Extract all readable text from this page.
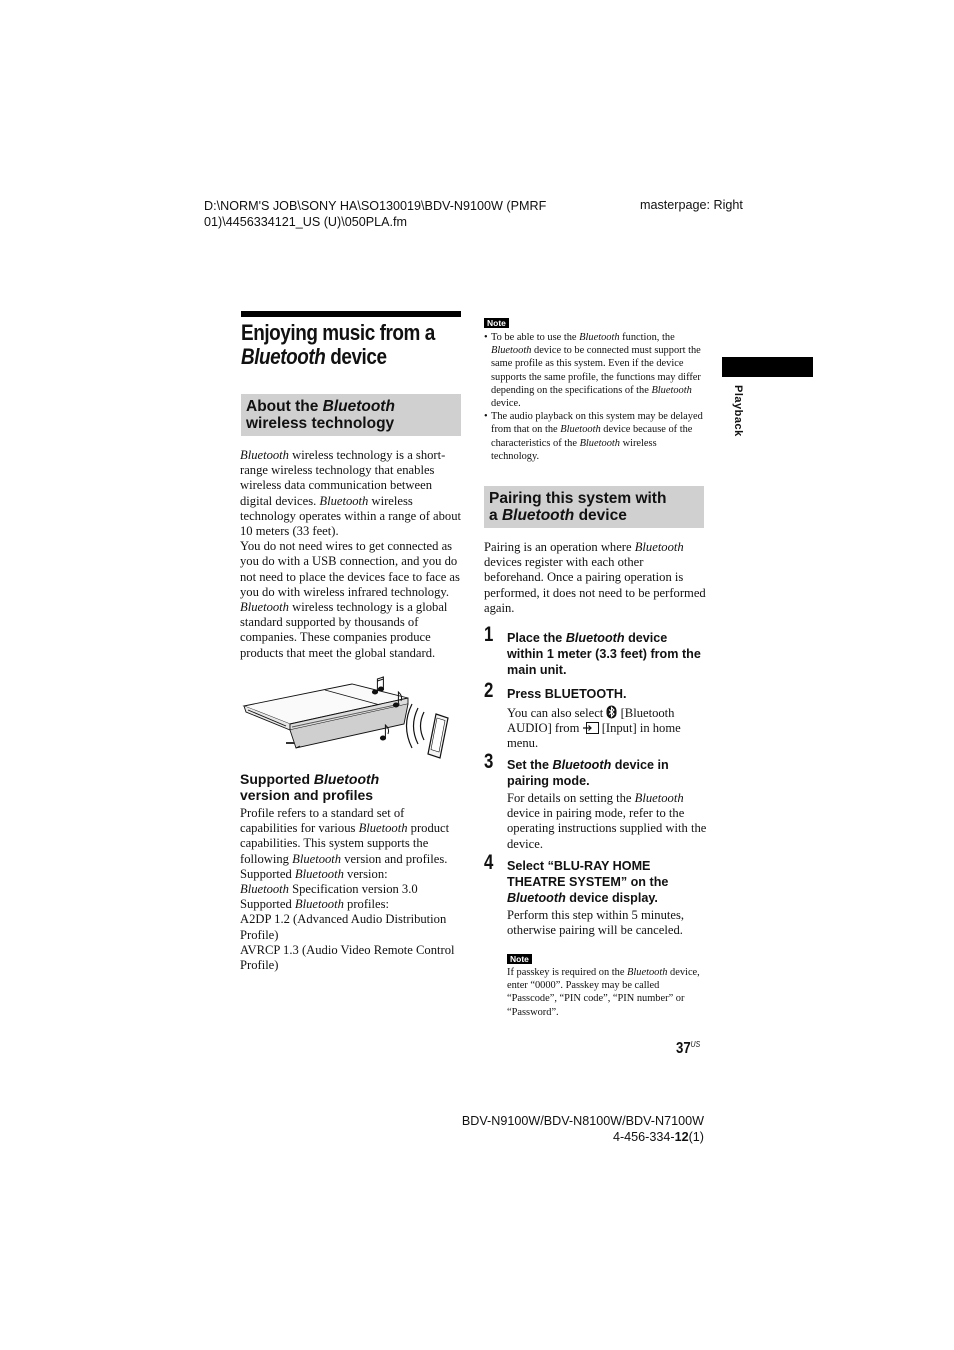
D:\NORM'S JOB\SONY HA\SO130019\BDV-N9100W (PMRF
01)\4456334121_US (U)\050PLA.fm
masterpage: Right
Enjoying music from a
Bluetooth device
About the Bluetooth
wireless technology

Bluetooth wireless technology is a short-range wireless technology that enables wireless data communication between digital devices. Bluetooth wireless technology operates within a range of about 10 meters (33 feet).

You do not need wires to get connected as you do with a USB connection, and you do not need to place the devices face to face as you do with wireless infrared technology.

Bluetooth wireless technology is a global standard supported by thousands of companies. These companies produce products that meet the global standard.

Supported Bluetooth
version and profiles

Profile refers to a standard set of capabilities for various Bluetooth product capabilities. This system supports the following Bluetooth version and profiles.

Supported Bluetooth version:

Bluetooth Specification version 3.0

Supported Bluetooth profiles:

A2DP 1.2 (Advanced Audio Distribution Profile)

AVRCP 1.3 (Audio Video Remote Control Profile)

Note
• To be able to use the Bluetooth function, the Bluetooth device to be connected must support the same profile as this system. Even if the device supports the same profile, the functions may differ depending on the specifications of the Bluetooth device.
• The audio playback on this system may be delayed from that on the Bluetooth device because of the characteristics of the Bluetooth wireless technology.
Pairing this system with
a Bluetooth device

Pairing is an operation where Bluetooth devices register with each other beforehand. Once a pairing operation is performed, it does not need to be performed again.

1 Place the Bluetooth device within 1 meter (3.3 feet) from the main unit.
2 Press BLUETOOTH.
You can also select  [Bluetooth AUDIO] from  [Input] in home menu.
3 Set the Bluetooth device in pairing mode.
For details on setting the Bluetooth device in pairing mode, refer to the operating instructions supplied with the device.
4 Select “BLU-RAY HOME THEATRE SYSTEM” on the Bluetooth device display.
Perform this step within 5 minutes, otherwise pairing will be canceled.
Note
If passkey is required on the Bluetooth device, enter “0000”. Passkey may be called “Passcode”, “PIN code”, “PIN number” or “Password”.
Playback
$37^{US}$
BDV-N9100W/BDV-N8100W/BDV-N7100W
4-456-334-12(1)
